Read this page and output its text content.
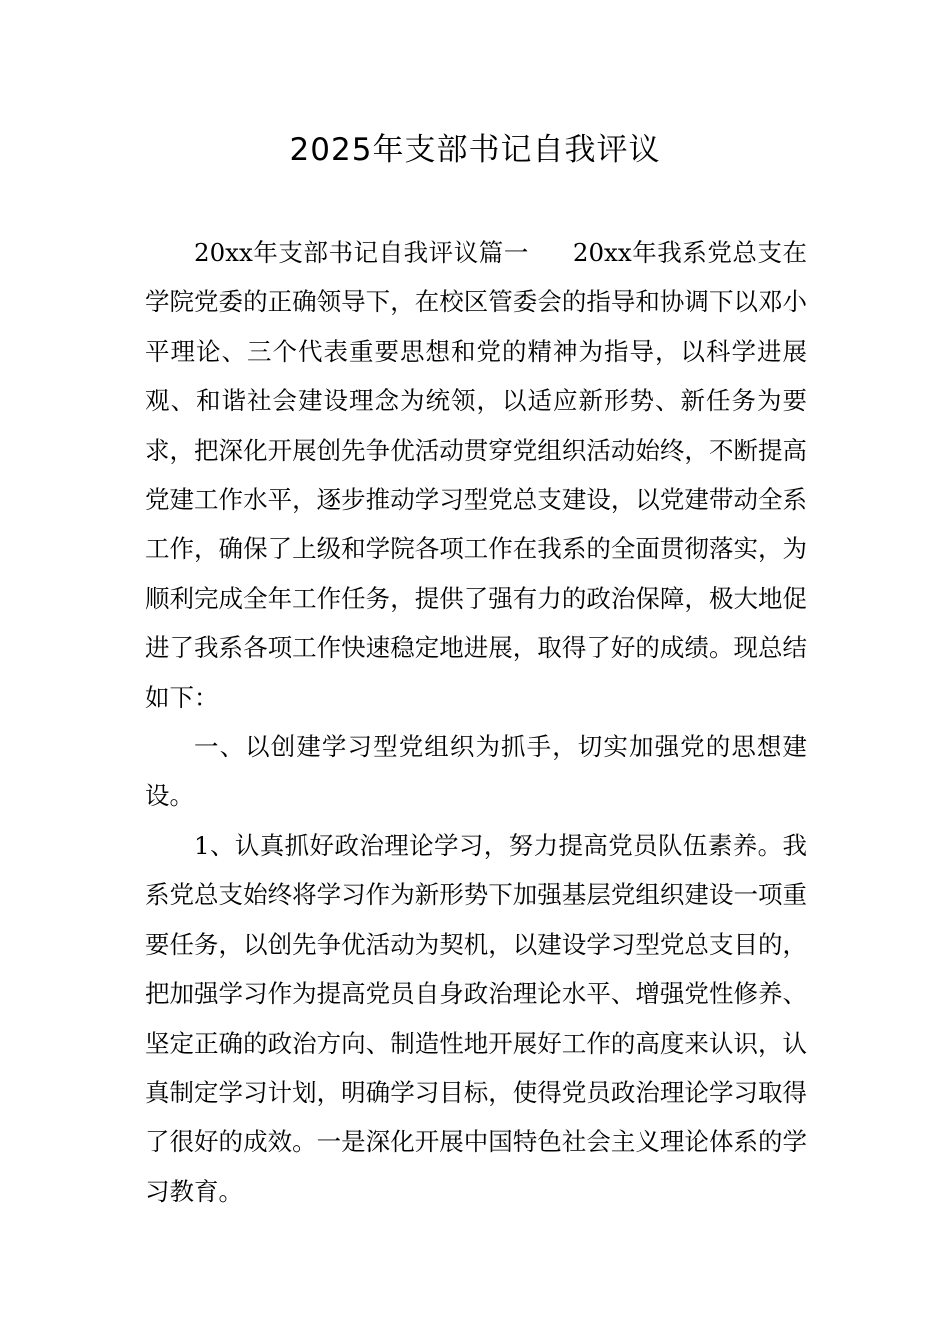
2025年支部书记自我评议

20xx年支部书记自我评议篇一 20xx年我系党总支在学院党委的正确领导下，在校区管委会的指导和协调下以邓小平理论、三个代表重要思想和党的精神为指导，以科学进展观、和谐社会建设理念为统领，以适应新形势、新任务为要求，把深化开展创先争优活动贯穿党组织活动始终，不断提高党建工作水平，逐步推动学习型党总支建设，以党建带动全系工作，确保了上级和学院各项工作在我系的全面贯彻落实，为顺利完成全年工作任务，提供了强有力的政治保障，极大地促进了我系各项工作快速稳定地进展，取得了好的成绩。现总结如下：

一、以创建学习型党组织为抓手，切实加强党的思想建设。

1、认真抓好政治理论学习，努力提高党员队伍素养。我系党总支始终将学习作为新形势下加强基层党组织建设一项重要任务，以创先争优活动为契机，以建设学习型党总支目的，把加强学习作为提高党员自身政治理论水平、增强党性修养、坚定正确的政治方向、制造性地开展好工作的高度来认识，认真制定学习计划，明确学习目标，使得党员政治理论学习取得了很好的成效。一是深化开展中国特色社会主义理论体系的学习教育。
